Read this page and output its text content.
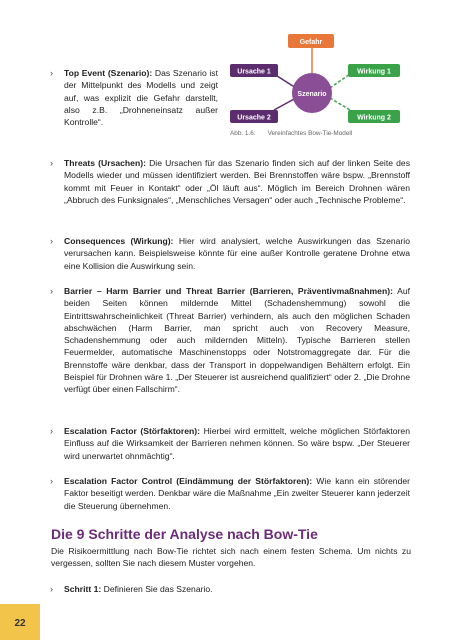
Gefahr
Ursache 1
Ursache 2
Szenario
Wirkung 1
Wirkung 2
Abb. 1.6: Vereinfachtes Bow-Tie-Modell
› Top Event (Szenario): Das Szenario ist der Mittelpunkt des Modells und zeigt auf, was explizit die Gefahr darstellt, also z.B. „Drohneneinsatz außer Kontrolle“.
› Threats (Ursachen): Die Ursachen für das Szenario finden sich auf der linken Seite des Modells wieder und müssen identifiziert werden. Bei Brennstoffen wäre bspw. „Brennstoff kommt mit Feuer in Kontakt“ oder „Öl läuft aus“. Möglich im Bereich Drohnen wären „Abbruch des Funksignales“, „Menschliches Versagen“ oder auch „Technische Probleme“.
› Consequences (Wirkung): Hier wird analysiert, welche Auswirkungen das Szenario verursachen kann. Beispielsweise könnte für eine außer Kontrolle geratene Drohne etwa eine Kollision die Auswirkung sein.
› Barrier – Harm Barrier und Threat Barrier (Barrieren, Präventivmaßnahmen): Auf beiden Seiten können mildernde Mittel (Schadenshemmung) sowohl die Eintrittswahrscheinlichkeit (Threat Barrier) verhindern, als auch den möglichen Schaden abschwächen (Harm Barrier, man spricht auch von Recovery Measure, Schadenshemmung oder auch mildernden Mitteln). Typische Barrieren stellen Feuermelder, automatische Maschinenstopps oder Notstromaggregate dar. Für die Brennstoffe wäre denkbar, dass der Transport in doppelwandigen Behältern erfolgt. Ein Beispiel für Drohnen wäre 1. „Der Steuerer ist ausreichend qualifiziert“ oder 2. „Die Drohne verfügt über einen Fallschirm“.
› Escalation Factor (Störfaktoren): Hierbei wird ermittelt, welche möglichen Störfaktoren Einfluss auf die Wirksamkeit der Barrieren nehmen können. So wäre bspw. „Der Steuerer wird unerwartet ohnmächtig“.
› Escalation Factor Control (Eindämmung der Störfaktoren): Wie kann ein störender Faktor beseitigt werden. Denkbar wäre die Maßnahme „Ein zweiter Steuerer kann jederzeit die Steuerung übernehmen.
Die 9 Schritte der Analyse nach Bow-Tie
Die Risikoermittlung nach Bow-Tie richtet sich nach einem festen Schema. Um nichts zu vergessen, sollten Sie nach diesem Muster vorgehen.
› Schritt 1: Definieren Sie das Szenario.
22
